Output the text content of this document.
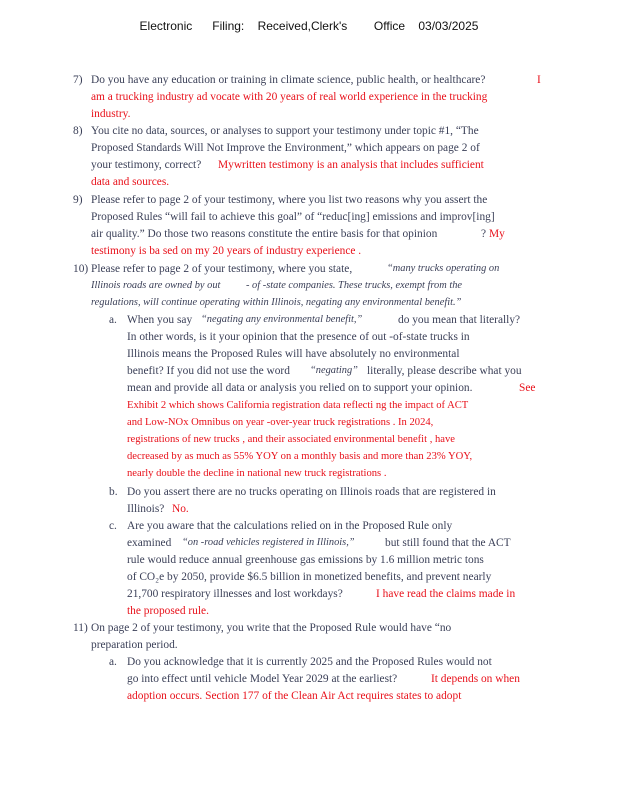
Electronic      Filing:    Received,Clerk's        Office    03/03/2025
7) Do you have any education or training in climate science, public health, or healthcare?	I
am a trucking industry ad vocate with 20 years of real world experience in the trucking
industry.
8) You cite no data, sources, or analyses to support your testimony under topic #1, “The
Proposed Standards Will Not Improve the Environment,” which appears on page 2 of
your testimony, correct? Mywritten testimony is an analysis that includes sufficient
data and sources.
9) Please refer to page 2 of your testimony, where you list two reasons why you assert the
Proposed Rules “will fail to achieve this goal” of “reduc[ing] emissions and improv[ing]
air quality.” Do those two reasons constitute the entire basis for that opinion	? My
testimony is ba sed on my 20 years of industry experience .
10) Please refer to page 2 of your testimony, where you state,	“many trucks operating on
Illinois roads are owned by out - of -state companies. These trucks, exempt from the
regulations, will continue operating within Illinois, negating any environmental benefit.”
a. When you say “negating any environmental benefit,”	do you mean that literally?
In other words, is it your opinion that the presence of out -of-state trucks in
Illinois means the Proposed Rules will have absolutely no environmental
benefit? If you did not use the word “negating” literally, please describe what you
mean and provide all data or analysis you relied on to support your opinion.	See
Exhibit 2 which shows California registration data reflecti ng the impact of ACT
and Low-NOx Omnibus on year -over-year truck registrations . In 2024,
registrations of new trucks , and their associated environmental benefit , have
decreased by as much as 55% YOY on a monthly basis and more than 23% YOY,
nearly double the decline in national new truck registrations .
b. Do you assert there are no trucks operating on Illinois roads that are registered in
Illinois? No.
c. Are you aware that the calculations relied on in the Proposed Rule only
examined “on -road vehicles registered in Illinois,”	but still found that the ACT
rule would reduce annual greenhouse gas emissions by 1.6 million metric tons
of CO₂e by 2050, provide $6.5 billion in monetized benefits, and prevent nearly
21,700 respiratory illnesses and lost workdays?	I have read the claims made in
the proposed rule.
11) On page 2 of your testimony, you write that the Proposed Rule would have “no
preparation period.
a. Do you acknowledge that it is currently 2025 and the Proposed Rules would not
go into effect until vehicle Model Year 2029 at the earliest?	It depends on when
adoption occurs. Section 177 of the Clean Air Act requires states to adopt
